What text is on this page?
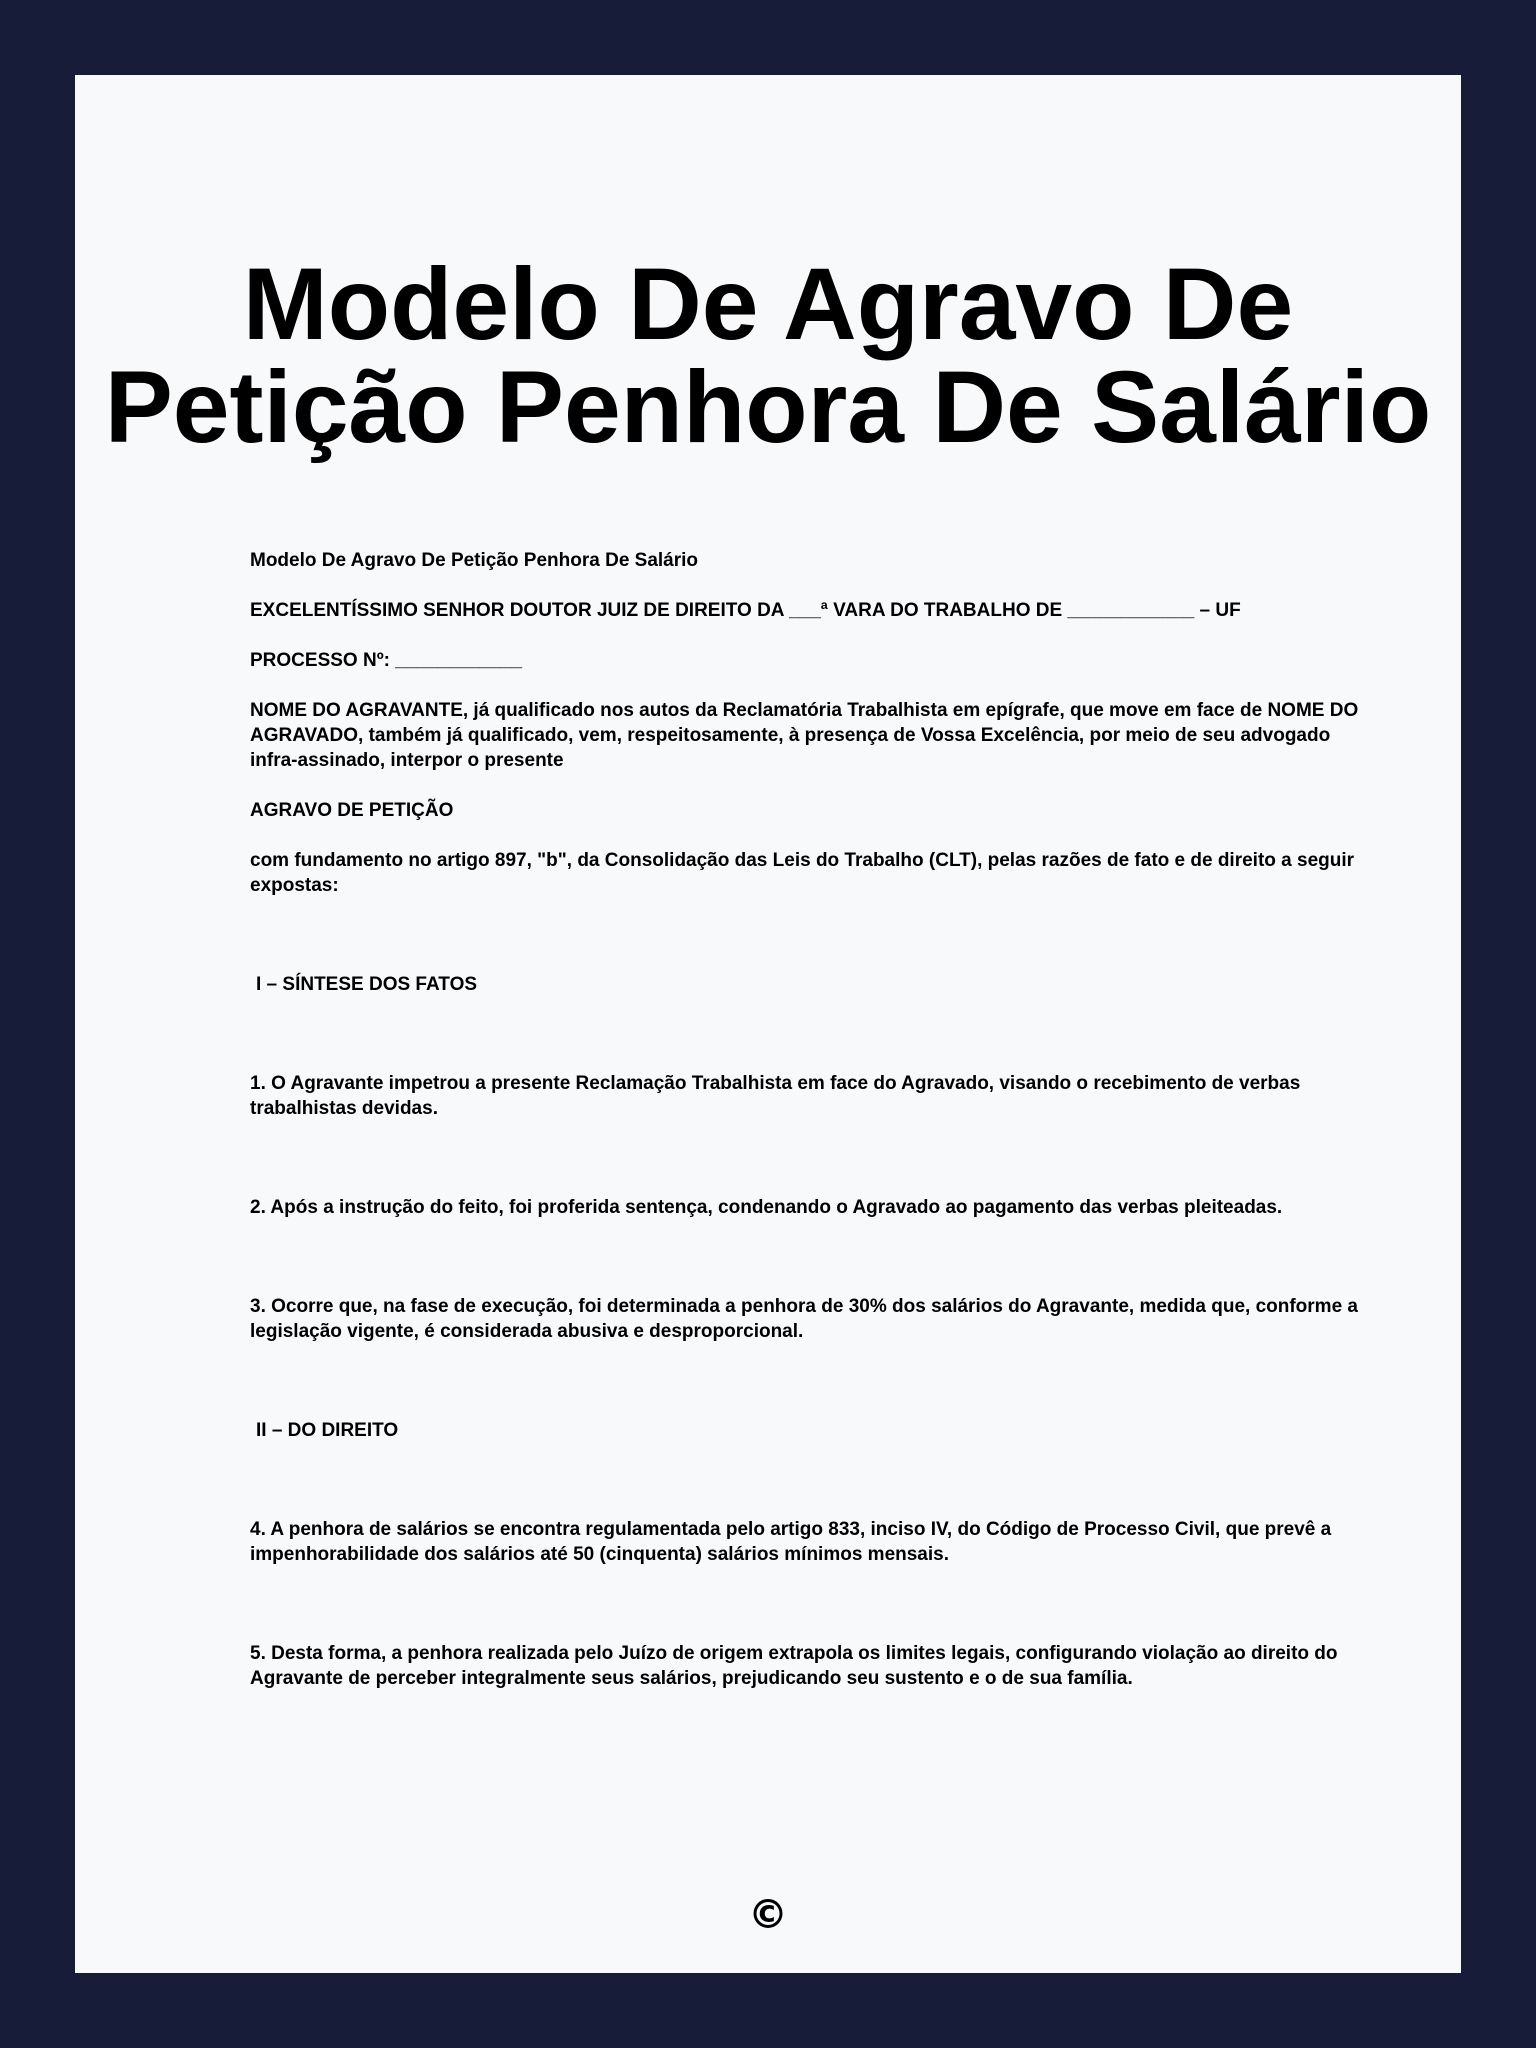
Modelo De Agravo De
Petição Penhora De Salário

Modelo De Agravo De Petição Penhora De Salário

EXCELENTÍSSIMO SENHOR DOUTOR JUIZ DE DIREITO DA ___ª VARA DO TRABALHO DE ____________ – UF

PROCESSO Nº: ____________

NOME DO AGRAVANTE, já qualificado nos autos da Reclamatória Trabalhista em epígrafe, que move em face de NOME DO AGRAVADO, também já qualificado, vem, respeitosamente, à presença de Vossa Excelência, por meio de seu advogado infra-assinado, interpor o presente

AGRAVO DE PETIÇÃO

com fundamento no artigo 897, "b", da Consolidação das Leis do Trabalho (CLT), pelas razões de fato e de direito a seguir expostas:

I – SÍNTESE DOS FATOS

1. O Agravante impetrou a presente Reclamação Trabalhista em face do Agravado, visando o recebimento de verbas trabalhistas devidas.

2. Após a instrução do feito, foi proferida sentença, condenando o Agravado ao pagamento das verbas pleiteadas.

3. Ocorre que, na fase de execução, foi determinada a penhora de 30% dos salários do Agravante, medida que, conforme a legislação vigente, é considerada abusiva e desproporcional.

II – DO DIREITO

4. A penhora de salários se encontra regulamentada pelo artigo 833, inciso IV, do Código de Processo Civil, que prevê a impenhorabilidade dos salários até 50 (cinquenta) salários mínimos mensais.

5. Desta forma, a penhora realizada pelo Juízo de origem extrapola os limites legais, configurando violação ao direito do Agravante de perceber integralmente seus salários, prejudicando seu sustento e o de sua família.

©
